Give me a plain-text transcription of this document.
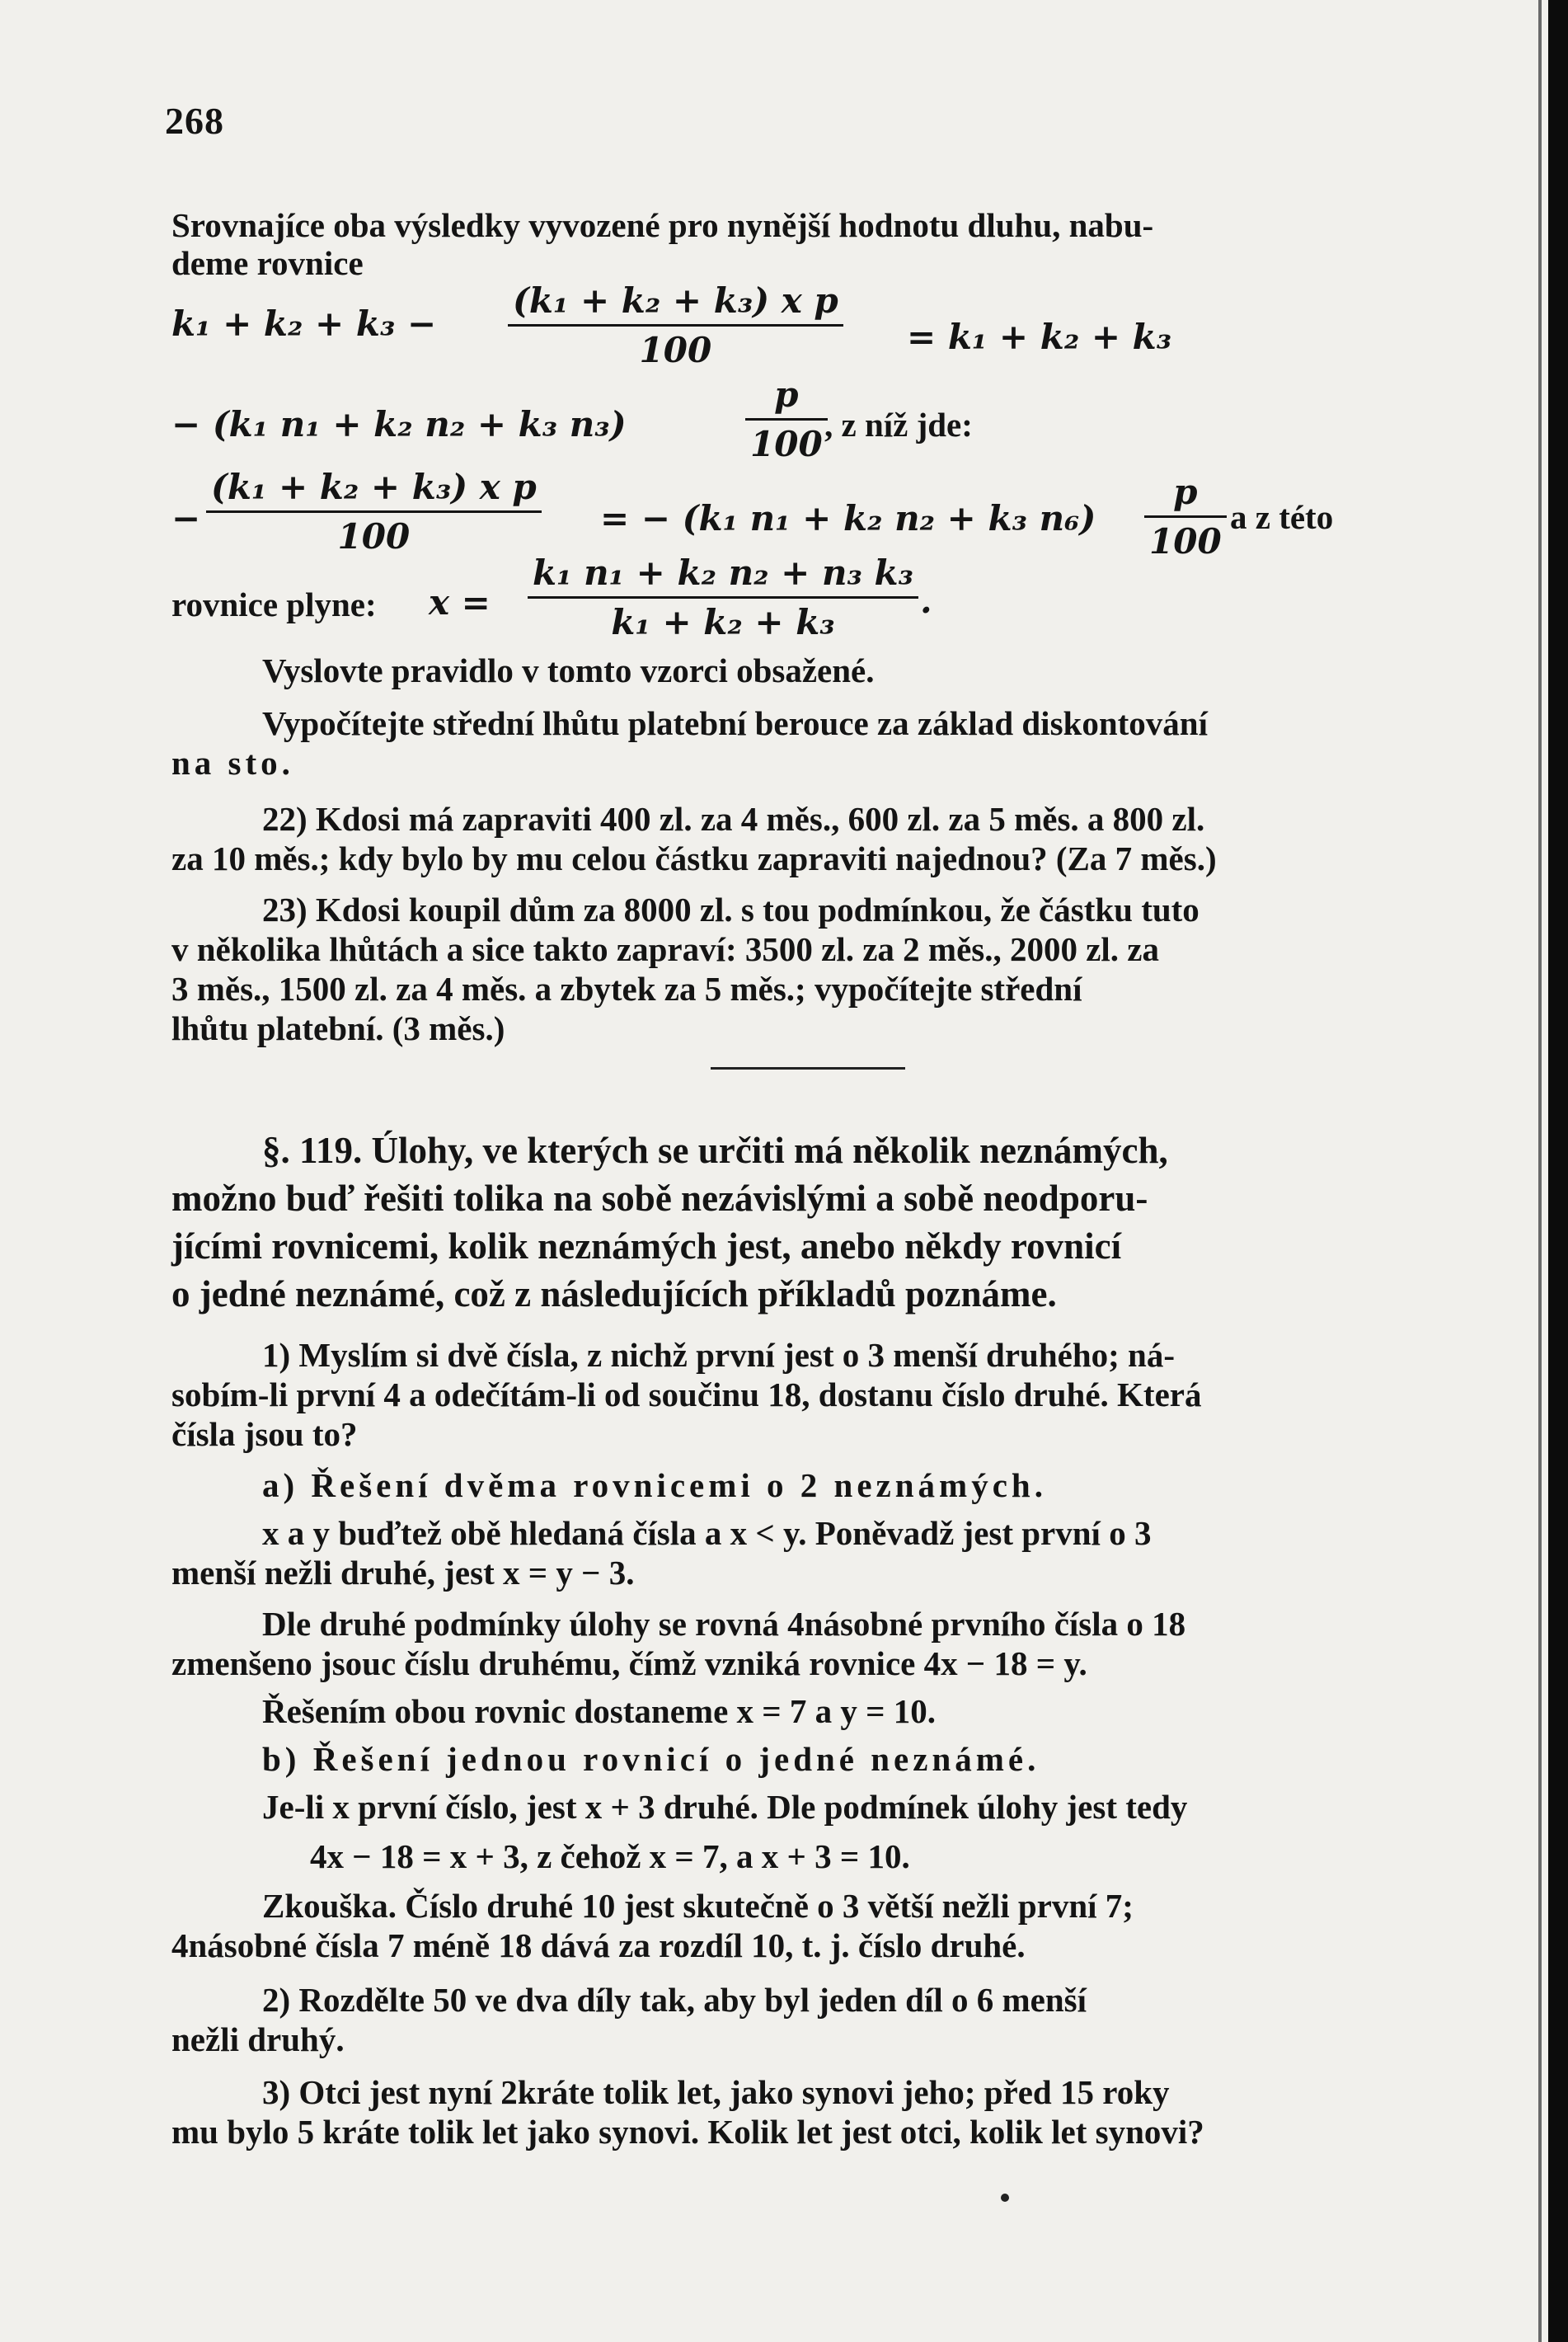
268
Srovnajíce oba výsledky vyvozené pro nynější hodnotu dluhu, nabu-
deme rovnice
$k_1 + k_2 + k_3 - \frac{\text{(k₁ + k₂ + k₃) x p}}{100} = k_1 + k_2 + k_3$
− (k₁ n₁ + k₂ n₂ + k₃ n₃)	$\frac{p}{100}$
, z níž jde:
− $\frac{\text{(k₁ + k₂ + k₃) x p}}{100}$ = − (k₁ n₁ + k₂ n₂ + k₃ $n_6) \frac{p}{100}$ a z této
rovnice plyne:	$x = \frac{\text{k₁ n₁ + k₂ n₂ + n₃ k₃}}{\text{k₁ + k₂ + k₃}}$ .
Vyslovte pravidlo v tomto vzorci obsažené.
Vypočítejte střední lhůtu platební berouce za základ diskontování
na sto.
22) Kdosi má zapraviti 400 zl. za 4 měs., 600 zl. za 5 měs. a 800 zl.
za 10 měs.; kdy bylo by mu celou částku zapraviti najednou? (Za 7 měs.)
23) Kdosi koupil dům za 8000 zl. s tou podmínkou, že částku tuto
v několika lhůtách a sice takto zapraví: 3500 zl. za 2 měs., 2000 zl. za
3 měs., 1500 zl. za 4 měs. a zbytek za 5 měs.; vypočítejte střední
lhůtu platební. (3 měs.)
§. 119. Úlohy, ve kterých se určiti má několik neznámých,
možno buď řešiti tolika na sobě nezávislými a sobě neodporu-
jícími rovnicemi, kolik neznámých jest, anebo někdy rovnicí
o jedné neznámé, což z následujících příkladů poznáme.
1) Myslím si dvě čísla, z nichž první jest o 3 menší druhého; ná-
sobím-li první 4 a odečítám-li od součinu 18, dostanu číslo druhé. Která
čísla jsou to?
a) Řešení dvěma rovnicemi o 2 neznámých.
x a y buďtež obě hledaná čísla a x < y. Poněvadž jest první o 3
menší nežli druhé, jest x = y − 3.
Dle druhé podmínky úlohy se rovná 4násobné prvního čísla o 18
zmenšeno jsouc číslu druhému, čímž vzniká rovnice 4x − 18 = y.
Řešením obou rovnic dostaneme x = 7 a y = 10.
b) Řešení jednou rovnicí o jedné neznámé.
Je-li x první číslo, jest x + 3 druhé. Dle podmínek úlohy jest tedy
4x − 18 = x + 3, z čehož x = 7, a x + 3 = 10.
Zkouška. Číslo druhé 10 jest skutečně o 3 větší nežli první 7;
4násobné čísla 7 méně 18 dává za rozdíl 10, t. j. číslo druhé.
2) Rozdělte 50 ve dva díly tak, aby byl jeden díl o 6 menší
nežli druhý.
3) Otci jest nyní 2kráte tolik let, jako synovi jeho; před 15 roky
mu bylo 5 kráte tolik let jako synovi. Kolik let jest otci, kolik let synovi?
